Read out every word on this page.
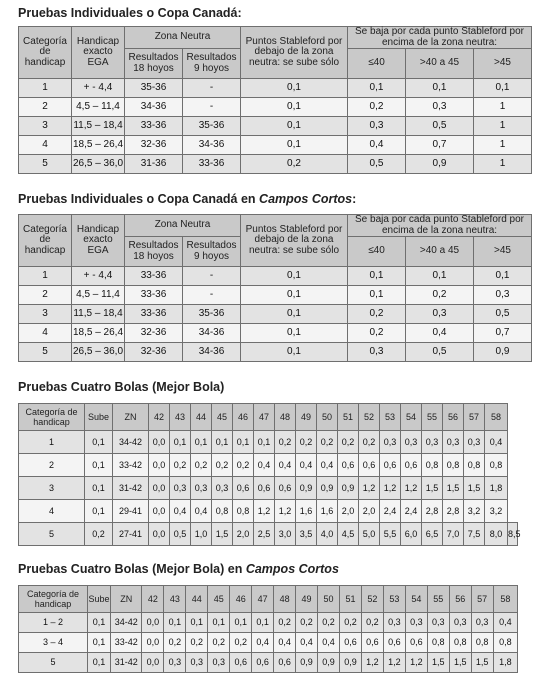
Pruebas Individuales o Copa Canadá:
Categoría de handicap	Handicap exacto EGA	Zona Neutra		Puntos Stableford por debajo de la zona neutra: se sube sólo	Se baja por cada punto Stableford por encima de la zona neutra:		
		Resultados 18 hoyos	Resultados 9 hoyos		≤40	>40 a 45	>45
1	+ - 4,4	35-36	-	0,1	0,1	0,1	0,1
2	4,5 – 11,4	34-36	-	0,1	0,2	0,3	1
3	11,5 – 18,4	33-36	35-36	0,1	0,3	0,5	1
4	18,5 – 26,4	32-36	34-36	0,1	0,4	0,7	1
5	26,5 – 36,0	31-36	33-36	0,2	0,5	0,9	1
Pruebas Individuales o Copa Canadá en Campos Cortos:
Categoría de handicap	Handicap exacto EGA	Zona Neutra		Puntos Stableford por debajo de la zona neutra: se sube sólo	Se baja por cada punto Stableford por encima de la zona neutra:		
		Resultados 18 hoyos	Resultados 9 hoyos		≤40	>40 a 45	>45
1	+ - 4,4	33-36	-	0,1	0,1	0,1	0,1
2	4,5 – 11,4	33-36	-	0,1	0,1	0,2	0,3
3	11,5 – 18,4	33-36	35-36	0,1	0,2	0,3	0,5
4	18,5 – 26,4	32-36	34-36	0,1	0,2	0,4	0,7
5	26,5 – 36,0	32-36	34-36	0,1	0,3	0,5	0,9
Pruebas Cuatro Bolas (Mejor Bola)
Categoría de handicap	Sube	ZN	42	43	44	45	46	47	48	49	50	51	52	53	54	55	56	57	58	
1	0,1	34-42	0,0	0,1	0,1	0,1	0,1	0,1	0,2	0,2	0,2	0,2	0,2	0,3	0,3	0,3	0,3	0,3	0,4	
2	0,1	33-42	0,0	0,2	0,2	0,2	0,2	0,4	0,4	0,4	0,4	0,6	0,6	0,6	0,6	0,8	0,8	0,8	0,8	
3	0,1	31-42	0,0	0,3	0,3	0,3	0,6	0,6	0,6	0,9	0,9	0,9	1,2	1,2	1,2	1,5	1,5	1,5	1,8	
4	0,1	29-41	0,0	0,4	0,4	0,8	0,8	1,2	1,2	1,6	1,6	2,0	2,0	2,4	2,4	2,8	2,8	3,2	3,2	
5	0,2	27-41	0,0	0,5	1,0	1,5	2,0	2,5	3,0	3,5	4,0	4,5	5,0	5,5	6,0	6,5	7,0	7,5	8,0	8,5
Pruebas Cuatro Bolas (Mejor Bola) en Campos Cortos
Categoría de handicap	Sube	ZN	42	43	44	45	46	47	48	49	50	51	52	53	54	55	56	57	58
1 – 2	0,1	34-42	0,0	0,1	0,1	0,1	0,1	0,1	0,2	0,2	0,2	0,2	0,2	0,3	0,3	0,3	0,3	0,3	0,4
3 – 4	0,1	33-42	0,0	0,2	0,2	0,2	0,2	0,4	0,4	0,4	0,4	0,6	0,6	0,6	0,6	0,8	0,8	0,8	0,8
5	0,1	31-42	0,0	0,3	0,3	0,3	0,6	0,6	0,6	0,9	0,9	0,9	1,2	1,2	1,2	1,5	1,5	1,5	1,8
